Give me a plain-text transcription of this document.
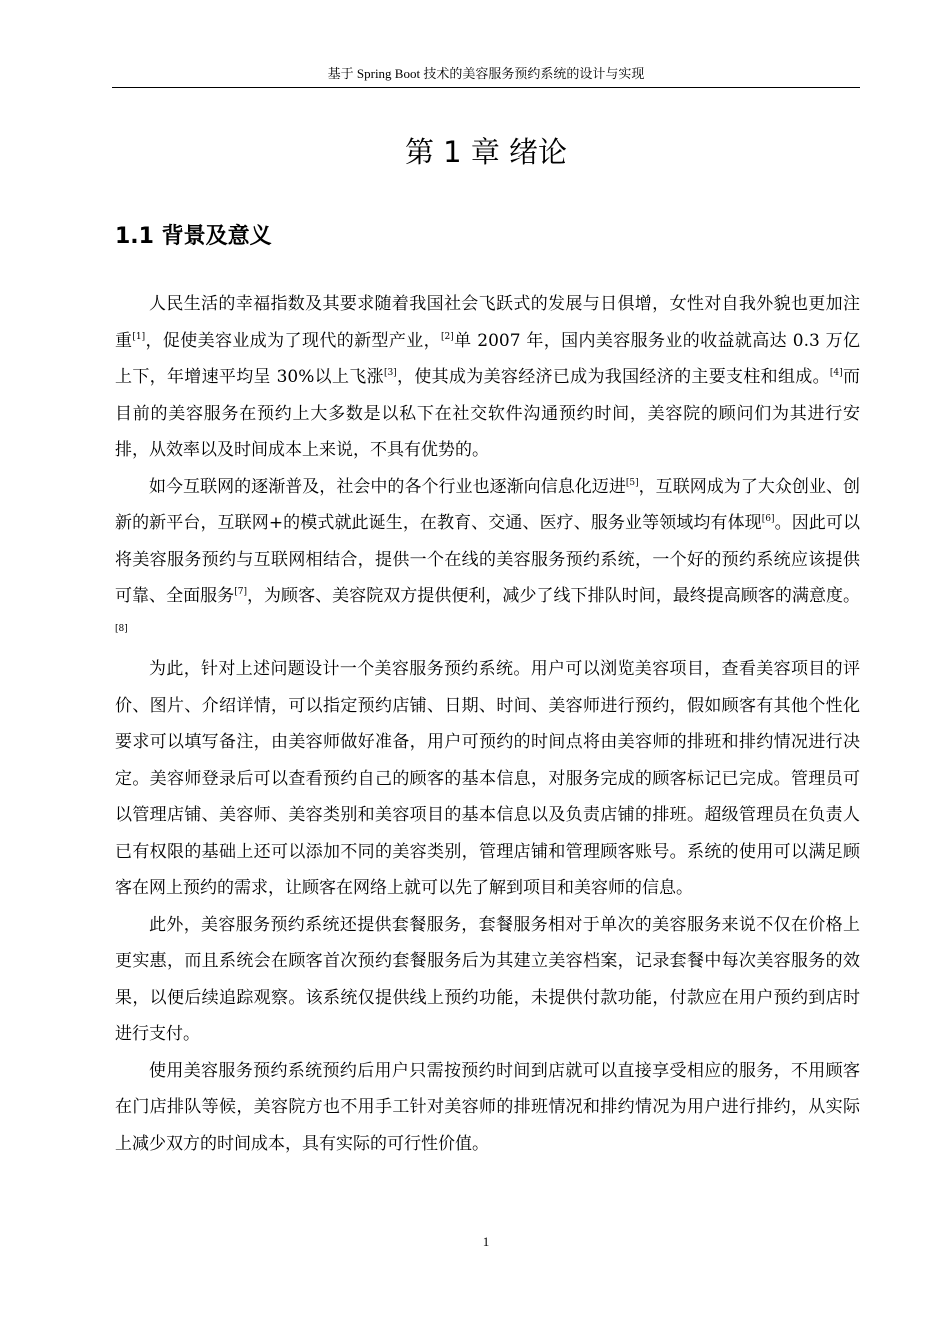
基于 Spring Boot 技术的美容服务预约系统的设计与实现
第 1 章 绪论
1.1 背景及意义

人民生活的幸福指数及其要求随着我国社会飞跃式的发展与日俱增，女性对自我外貌也更加注重[1]，促使美容业成为了现代的新型产业，[2]单 2007 年，国内美容服务业的收益就高达 0.3 万亿上下，年增速平均呈 30%以上飞涨[3]，使其成为美容经济已成为我国经济的主要支柱和组成。[4]而目前的美容服务在预约上大多数是以私下在社交软件沟通预约时间，美容院的顾问们为其进行安排，从效率以及时间成本上来说，不具有优势的。

如今互联网的逐渐普及，社会中的各个行业也逐渐向信息化迈进[5]，互联网成为了大众创业、创新的新平台，互联网+的模式就此诞生，在教育、交通、医疗、服务业等领域均有体现[6]。因此可以将美容服务预约与互联网相结合，提供一个在线的美容服务预约系统，一个好的预约系统应该提供可靠、全面服务[7]，为顾客、美容院双方提供便利，减少了线下排队时间，最终提高顾客的满意度。[8]

为此，针对上述问题设计一个美容服务预约系统。用户可以浏览美容项目，查看美容项目的评价、图片、介绍详情，可以指定预约店铺、日期、时间、美容师进行预约，假如顾客有其他个性化要求可以填写备注，由美容师做好准备，用户可预约的时间点将由美容师的排班和排约情况进行决定。美容师登录后可以查看预约自己的顾客的基本信息，对服务完成的顾客标记已完成。管理员可以管理店铺、美容师、美容类别和美容项目的基本信息以及负责店铺的排班。超级管理员在负责人已有权限的基础上还可以添加不同的美容类别，管理店铺和管理顾客账号。系统的使用可以满足顾客在网上预约的需求，让顾客在网络上就可以先了解到项目和美容师的信息。

此外，美容服务预约系统还提供套餐服务，套餐服务相对于单次的美容服务来说不仅在价格上更实惠，而且系统会在顾客首次预约套餐服务后为其建立美容档案，记录套餐中每次美容服务的效果，以便后续追踪观察。该系统仅提供线上预约功能，未提供付款功能，付款应在用户预约到店时进行支付。

使用美容服务预约系统预约后用户只需按预约时间到店就可以直接享受相应的服务，不用顾客在门店排队等候，美容院方也不用手工针对美容师的排班情况和排约情况为用户进行排约，从实际上减少双方的时间成本，具有实际的可行性价值。

1
